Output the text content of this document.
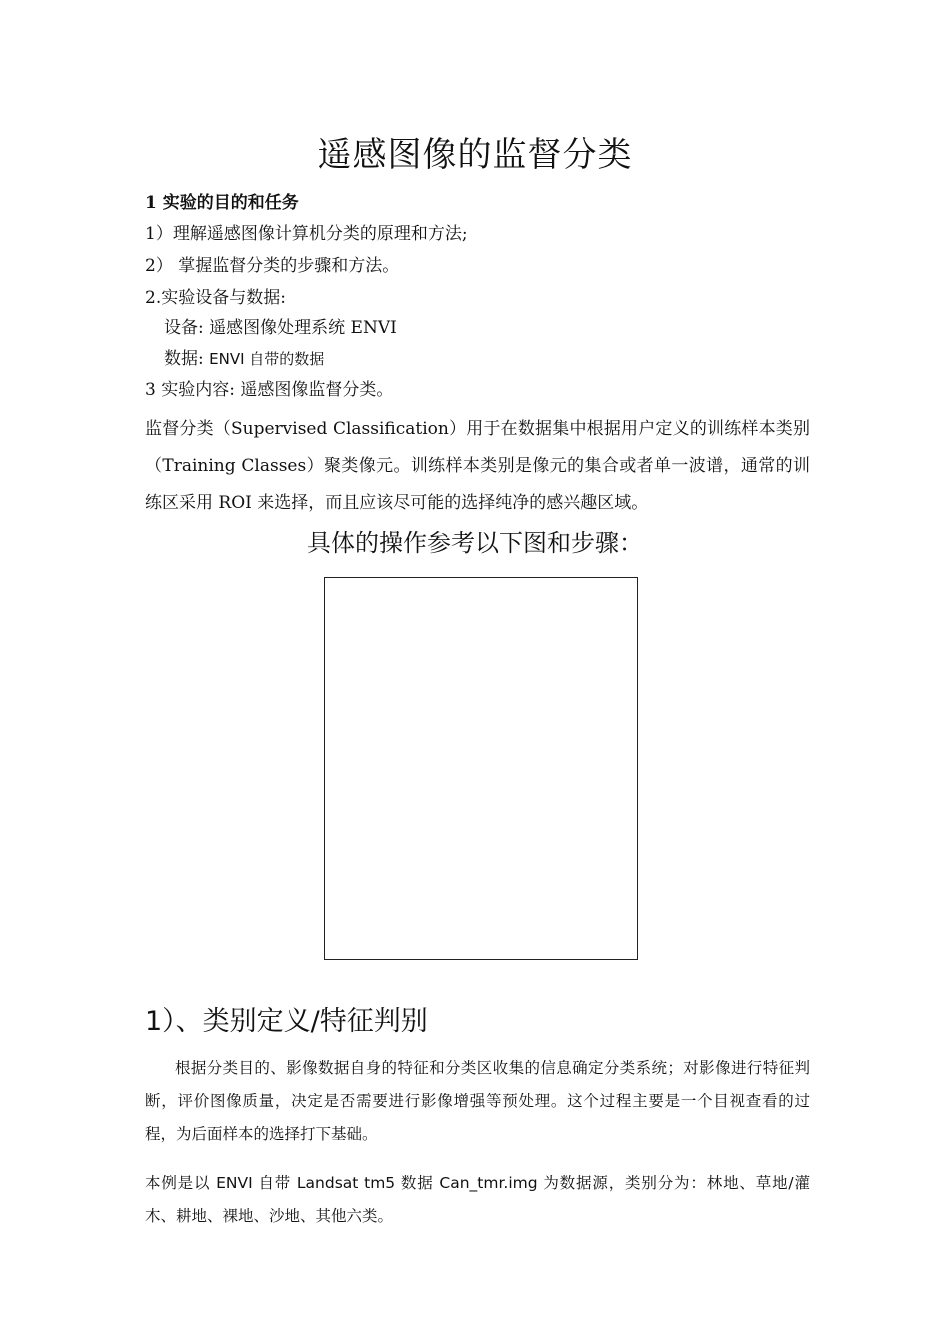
遥感图像的监督分类
1 实验的目的和任务
1）理解遥感图像计算机分类的原理和方法;
2） 掌握监督分类的步骤和方法。
2.实验设备与数据:
设备: 遥感图像处理系统 ENVI
数据: ENVI 自带的数据
3 实验内容: 遥感图像监督分类。

监督分类（Supervised Classification）用于在数据集中根据用户定义的训练样本类别（Training Classes）聚类像元。训练样本类别是像元的集合或者单一波谱，通常的训练区采用 ROI 来选择，而且应该尽可能的选择纯净的感兴趣区域。

具体的操作参考以下图和步骤：
1）、类别定义/特征判别

根据分类目的、影像数据自身的特征和分类区收集的信息确定分类系统；对影像进行特征判断，评价图像质量，决定是否需要进行影像增强等预处理。这个过程主要是一个目视查看的过程，为后面样本的选择打下基础。

本例是以 ENVI 自带 Landsat tm5 数据 Can_tmr.img 为数据源，类别分为：林地、草地/灌木、耕地、裸地、沙地、其他六类。
